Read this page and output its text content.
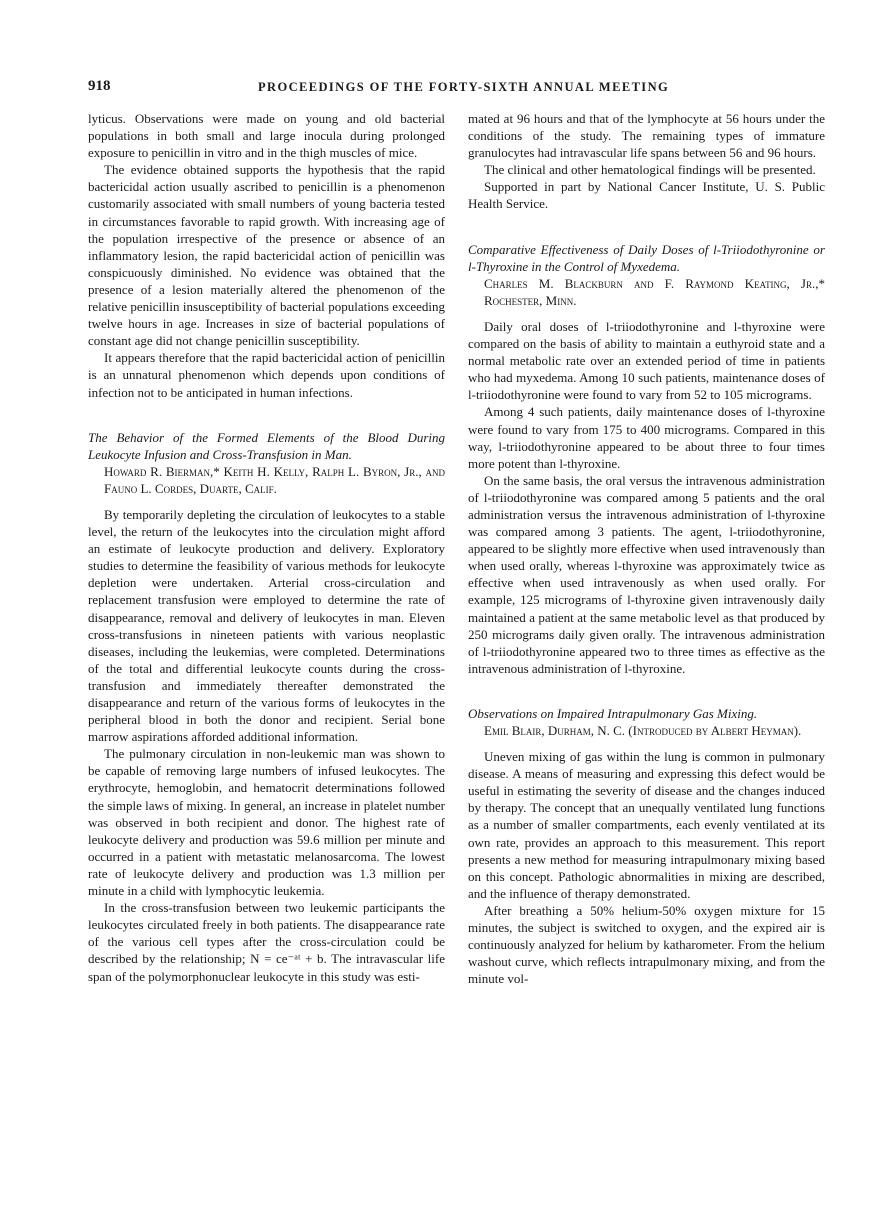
918	PROCEEDINGS OF THE FORTY-SIXTH ANNUAL MEETING

lyticus. Observations were made on young and old bacterial populations in both small and large inocula during prolonged exposure to penicillin in vitro and in the thigh muscles of mice.

The evidence obtained supports the hypothesis that the rapid bactericidal action usually ascribed to penicillin is a phenomenon customarily associated with small numbers of young bacteria tested in circumstances favorable to rapid growth. With increasing age of the population irrespective of the presence or absence of an inflammatory lesion, the rapid bactericidal action of penicillin was conspicuously diminished. No evidence was obtained that the presence of a lesion materially altered the phenomenon of the relative penicillin insusceptibility of bacterial populations exceeding twelve hours in age. Increases in size of bacterial populations of constant age did not change penicillin susceptibility.

It appears therefore that the rapid bactericidal action of penicillin is an unnatural phenomenon which depends upon conditions of infection not to be anticipated in human infections.

The Behavior of the Formed Elements of the Blood During Leukocyte Infusion and Cross-Transfusion in Man.
Howard R. Bierman,* Keith H. Kelly, Ralph L. Byron, Jr., and Fauno L. Cordes, Duarte, Calif.

By temporarily depleting the circulation of leukocytes to a stable level, the return of the leukocytes into the circulation might afford an estimate of leukocyte production and delivery. Exploratory studies to determine the feasibility of various methods for leukocyte depletion were undertaken. Arterial cross-circulation and replacement transfusion were employed to determine the rate of disappearance, removal and delivery of leukocytes in man. Eleven cross-transfusions in nineteen patients with various neoplastic diseases, including the leukemias, were completed. Determinations of the total and differential leukocyte counts during the cross-transfusion and immediately thereafter demonstrated the disappearance and return of the various forms of leukocytes in the peripheral blood in both the donor and recipient. Serial bone marrow aspirations afforded additional information.

The pulmonary circulation in non-leukemic man was shown to be capable of removing large numbers of infused leukocytes. The erythrocyte, hemoglobin, and hematocrit determinations followed the simple laws of mixing. In general, an increase in platelet number was observed in both recipient and donor. The highest rate of leukocyte delivery and production was 59.6 million per minute and occurred in a patient with metastatic melanosarcoma. The lowest rate of leukocyte delivery and production was 1.3 million per minute in a child with lymphocytic leukemia.

In the cross-transfusion between two leukemic participants the leukocytes circulated freely in both patients. The disappearance rate of the various cell types after the cross-circulation could be described by the relationship; N = ce⁻ᵃᵗ + b. The intravascular life span of the polymorphonuclear leukocyte in this study was esti-

mated at 96 hours and that of the lymphocyte at 56 hours under the conditions of the study. The remaining types of immature granulocytes had intravascular life spans between 56 and 96 hours.

The clinical and other hematological findings will be presented.

Supported in part by National Cancer Institute, U. S. Public Health Service.

Comparative Effectiveness of Daily Doses of l-Triiodothyronine or l-Thyroxine in the Control of Myxedema.
Charles M. Blackburn and F. Raymond Keating, Jr.,* Rochester, Minn.

Daily oral doses of l-triiodothyronine and l-thyroxine were compared on the basis of ability to maintain a euthyroid state and a normal metabolic rate over an extended period of time in patients who had myxedema. Among 10 such patients, maintenance doses of l-triiodothyronine were found to vary from 52 to 105 micrograms.

Among 4 such patients, daily maintenance doses of l-thyroxine were found to vary from 175 to 400 micrograms. Compared in this way, l-triiodothyronine appeared to be about three to four times more potent than l-thyroxine.

On the same basis, the oral versus the intravenous administration of l-triiodothyronine was compared among 5 patients and the oral administration versus the intravenous administration of l-thyroxine was compared among 3 patients. The agent, l-triiodothyronine, appeared to be slightly more effective when used intravenously than when used orally, whereas l-thyroxine was approximately twice as effective when used intravenously as when used orally. For example, 125 micrograms of l-thyroxine given intravenously daily maintained a patient at the same metabolic level as that produced by 250 micrograms daily given orally. The intravenous administration of l-triiodothyronine appeared two to three times as effective as the intravenous administration of l-thyroxine.

Observations on Impaired Intrapulmonary Gas Mixing.
Emil Blair, Durham, N. C. (Introduced by Albert Heyman).

Uneven mixing of gas within the lung is common in pulmonary disease. A means of measuring and expressing this defect would be useful in estimating the severity of disease and the changes induced by therapy. The concept that an unequally ventilated lung functions as a number of smaller compartments, each evenly ventilated at its own rate, provides an approach to this measurement. This report presents a new method for measuring intrapulmonary mixing based on this concept. Pathologic abnormalities in mixing are described, and the influence of therapy demonstrated.

After breathing a 50% helium-50% oxygen mixture for 15 minutes, the subject is switched to oxygen, and the expired air is continuously analyzed for helium by katharometer. From the helium washout curve, which reflects intrapulmonary mixing, and from the minute vol-
